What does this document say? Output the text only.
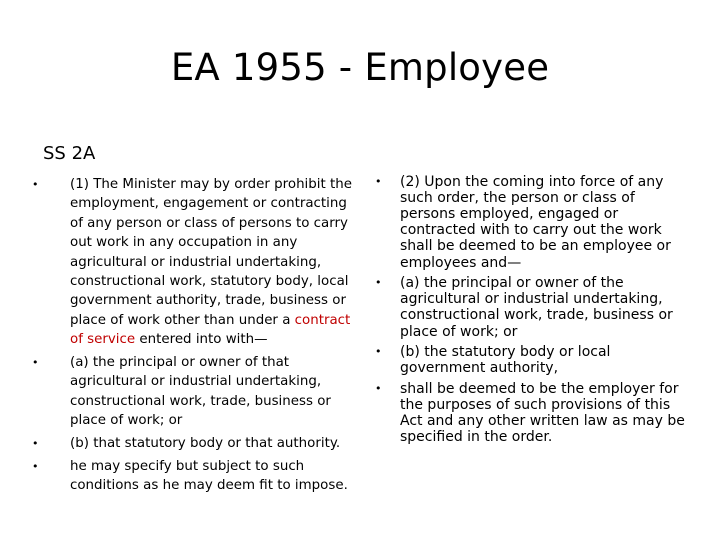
EA 1955 - Employee
SS 2A
• (1) The Minister may by order prohibit the employment, engagement or contracting of any person or class of persons to carry out work in any occupation in any agricultural or industrial undertaking, constructional work, statutory body, local government authority, trade, business or place of work other than under a contract of service entered into with—
• (a) the principal or owner of that agricultural or industrial undertaking, constructional work, trade, business or place of work; or
• (b) that statutory body or that authority.
• he may specify but subject to such conditions as he may deem fit to impose.
• (2) Upon the coming into force of any such order, the person or class of persons employed, engaged or contracted with to carry out the work shall be deemed to be an employee or employees and—
• (a) the principal or owner of the agricultural or industrial undertaking, constructional work, trade, business or place of work; or
• (b) the statutory body or local government authority,
• shall be deemed to be the employer for the purposes of such provisions of this Act and any other written law as may be specified in the order.
